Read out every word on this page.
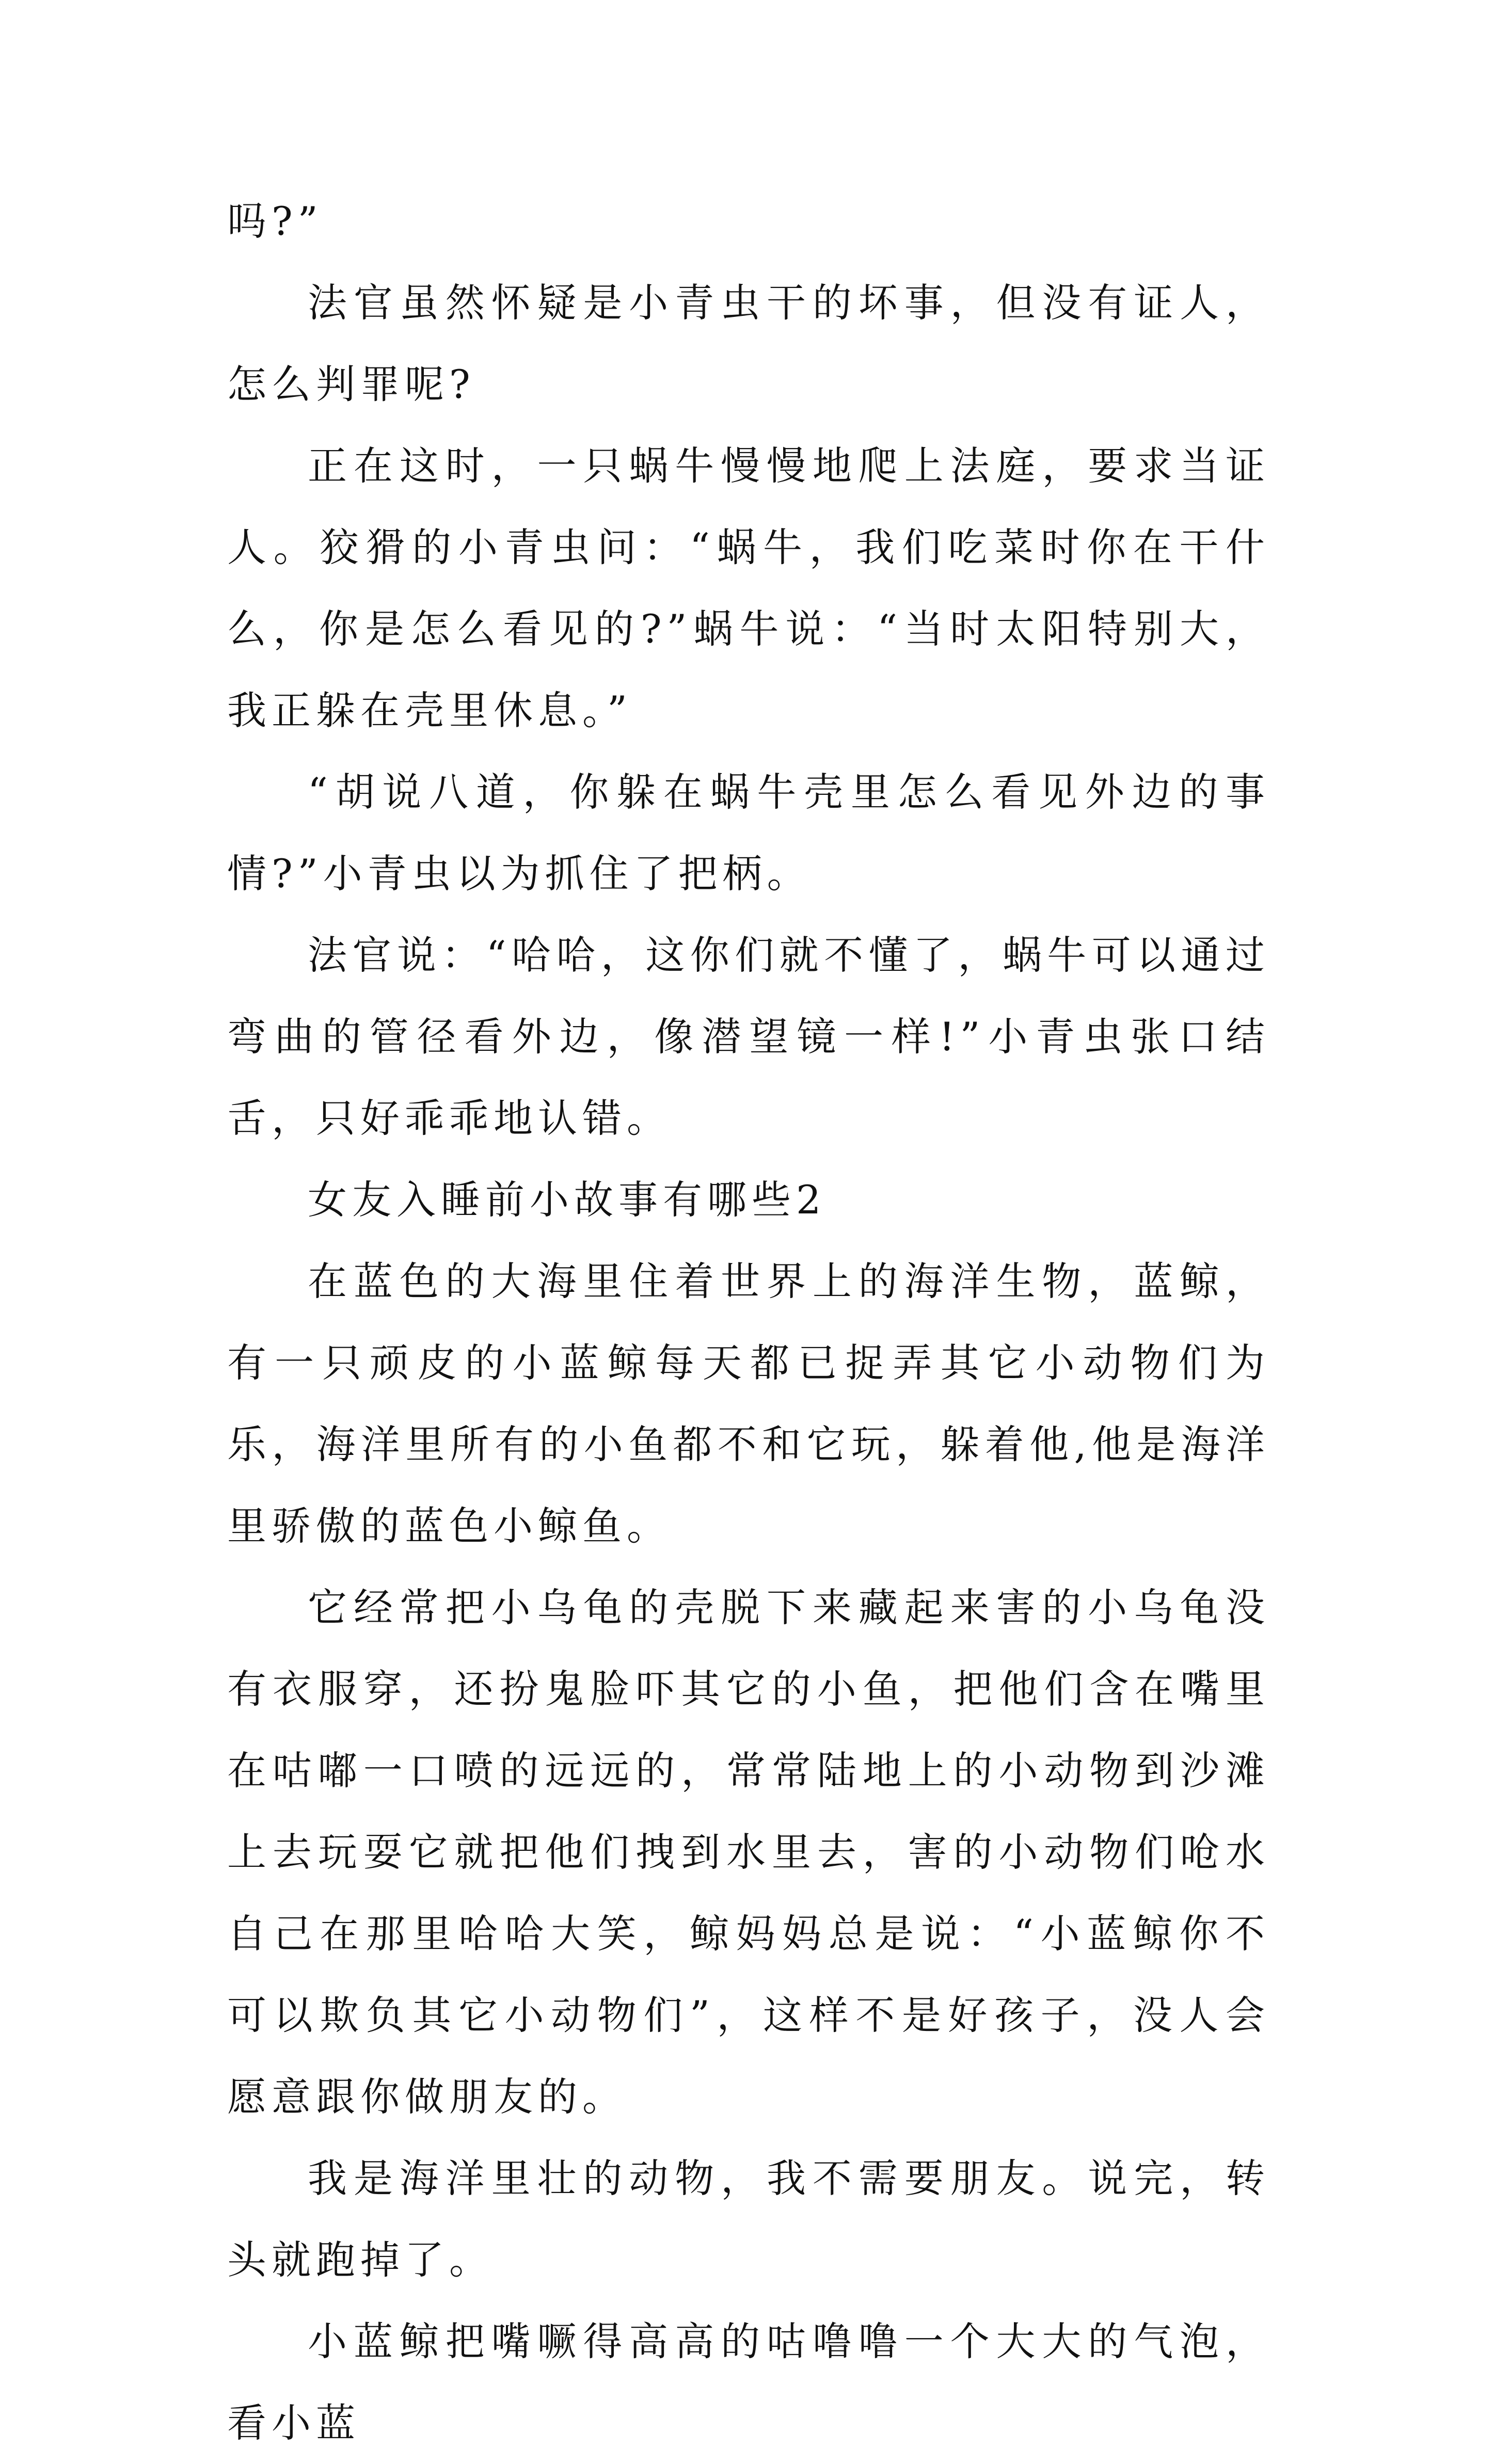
吗?”

法官虽然怀疑是小青虫干的坏事，但没有证人，怎么判罪呢?

正在这时，一只蜗牛慢慢地爬上法庭，要求当证人。狡猾的小青虫问：“蜗牛，我们吃菜时你在干什么，你是怎么看见的?”蜗牛说：“当时太阳特别大，我正躲在壳里休息。”

“胡说八道，你躲在蜗牛壳里怎么看见外边的事情?”小青虫以为抓住了把柄。

法官说：“哈哈，这你们就不懂了，蜗牛可以通过弯曲的管径看外边，像潜望镜一样!”小青虫张口结舌，只好乖乖地认错。

女友入睡前小故事有哪些2

在蓝色的大海里住着世界上的海洋生物，蓝鲸，有一只顽皮的小蓝鲸每天都已捉弄其它小动物们为乐，海洋里所有的小鱼都不和它玩，躲着他,他是海洋里骄傲的蓝色小鲸鱼。

它经常把小乌龟的壳脱下来藏起来害的小乌龟没有衣服穿，还扮鬼脸吓其它的小鱼，把他们含在嘴里在咕嘟一口喷的远远的，常常陆地上的小动物到沙滩上去玩耍它就把他们拽到水里去，害的小动物们呛水自己在那里哈哈大笑，鲸妈妈总是说：“小蓝鲸你不可以欺负其它小动物们”，这样不是好孩子，没人会愿意跟你做朋友的。

我是海洋里壮的动物，我不需要朋友。说完，转头就跑掉了。

小蓝鲸把嘴噘得高高的咕噜噜一个大大的气泡，看小蓝
